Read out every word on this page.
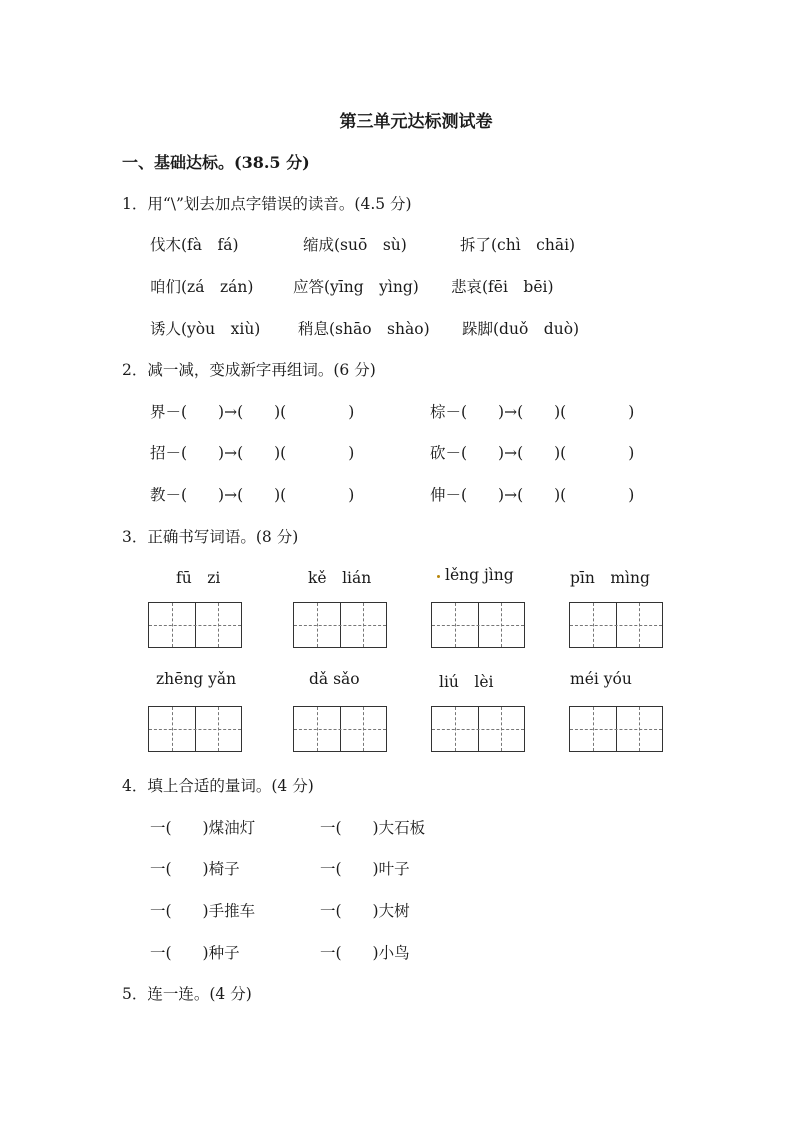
第三单元达标测试卷
一、基础达标。(38.5 分)
1．用“\”划去加点字错误的读音。(4.5 分)
伐木(fà　fá)	缩成(suō　sù)	拆了(chì　chāi)
咱们(zá　zán)	应答(yīng　yìng) 悲哀(fēi　bēi)
诱人(yòu　xiù) 稍息(shāo　shào) 跺脚(duǒ　duò)
2．减一减，变成新字再组词。(6 分)
界－(　　)→(　　)(　　　　)	棕－(　　)→(　　)(　　　　)
招－(　　)→(　　)(　　　　)	砍－(　　)→(　　)(　　　　)
教－(　　)→(　　)(　　　　)	伸－(　　)→(　　)(　　　　)
3．正确书写词语。(8 分)
fū　zi	kě　lián	lěng jìng	pīn　mìng
zhēng yǎn	dǎ sǎo	liú　lèi	méi yóu
4．填上合适的量词。(4 分)
一(　　)煤油灯	一(　　)大石板
一(　　)椅子	一(　　)叶子
一(　　)手推车	一(　　)大树
一(　　)种子	一(　　)小鸟
5．连一连。(4 分)
